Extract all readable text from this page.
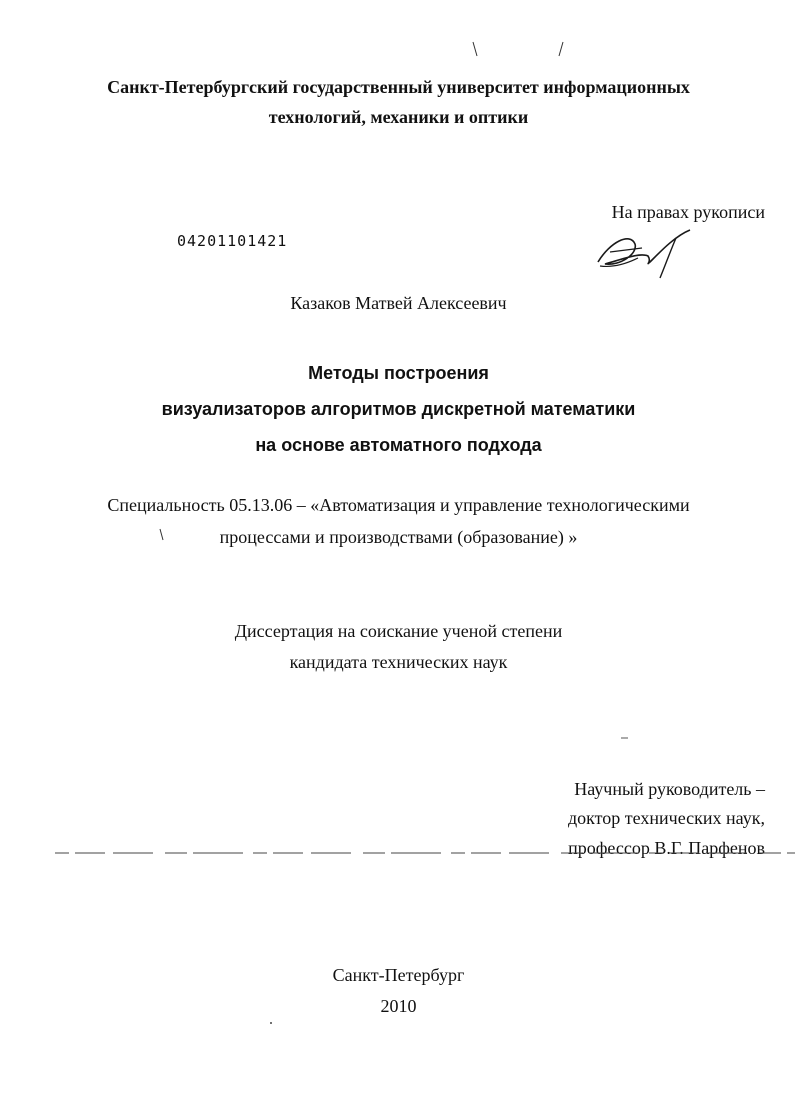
Санкт-Петербургский государственный университет информационных
технологий, механики и оптики
На правах рукописи
04201101421
Казаков Матвей Алексеевич
Методы построения
визуализаторов алгоритмов дискретной математики
на основе автоматного подхода
Специальность 05.13.06 – «Автоматизация и управление технологическими
процессами и производствами (образование) »
Диссертация на соискание ученой степени
кандидата технических наук
Научный руководитель –
доктор технических наук,
профессор В.Г. Парфенов
Санкт-Петербург
2010
